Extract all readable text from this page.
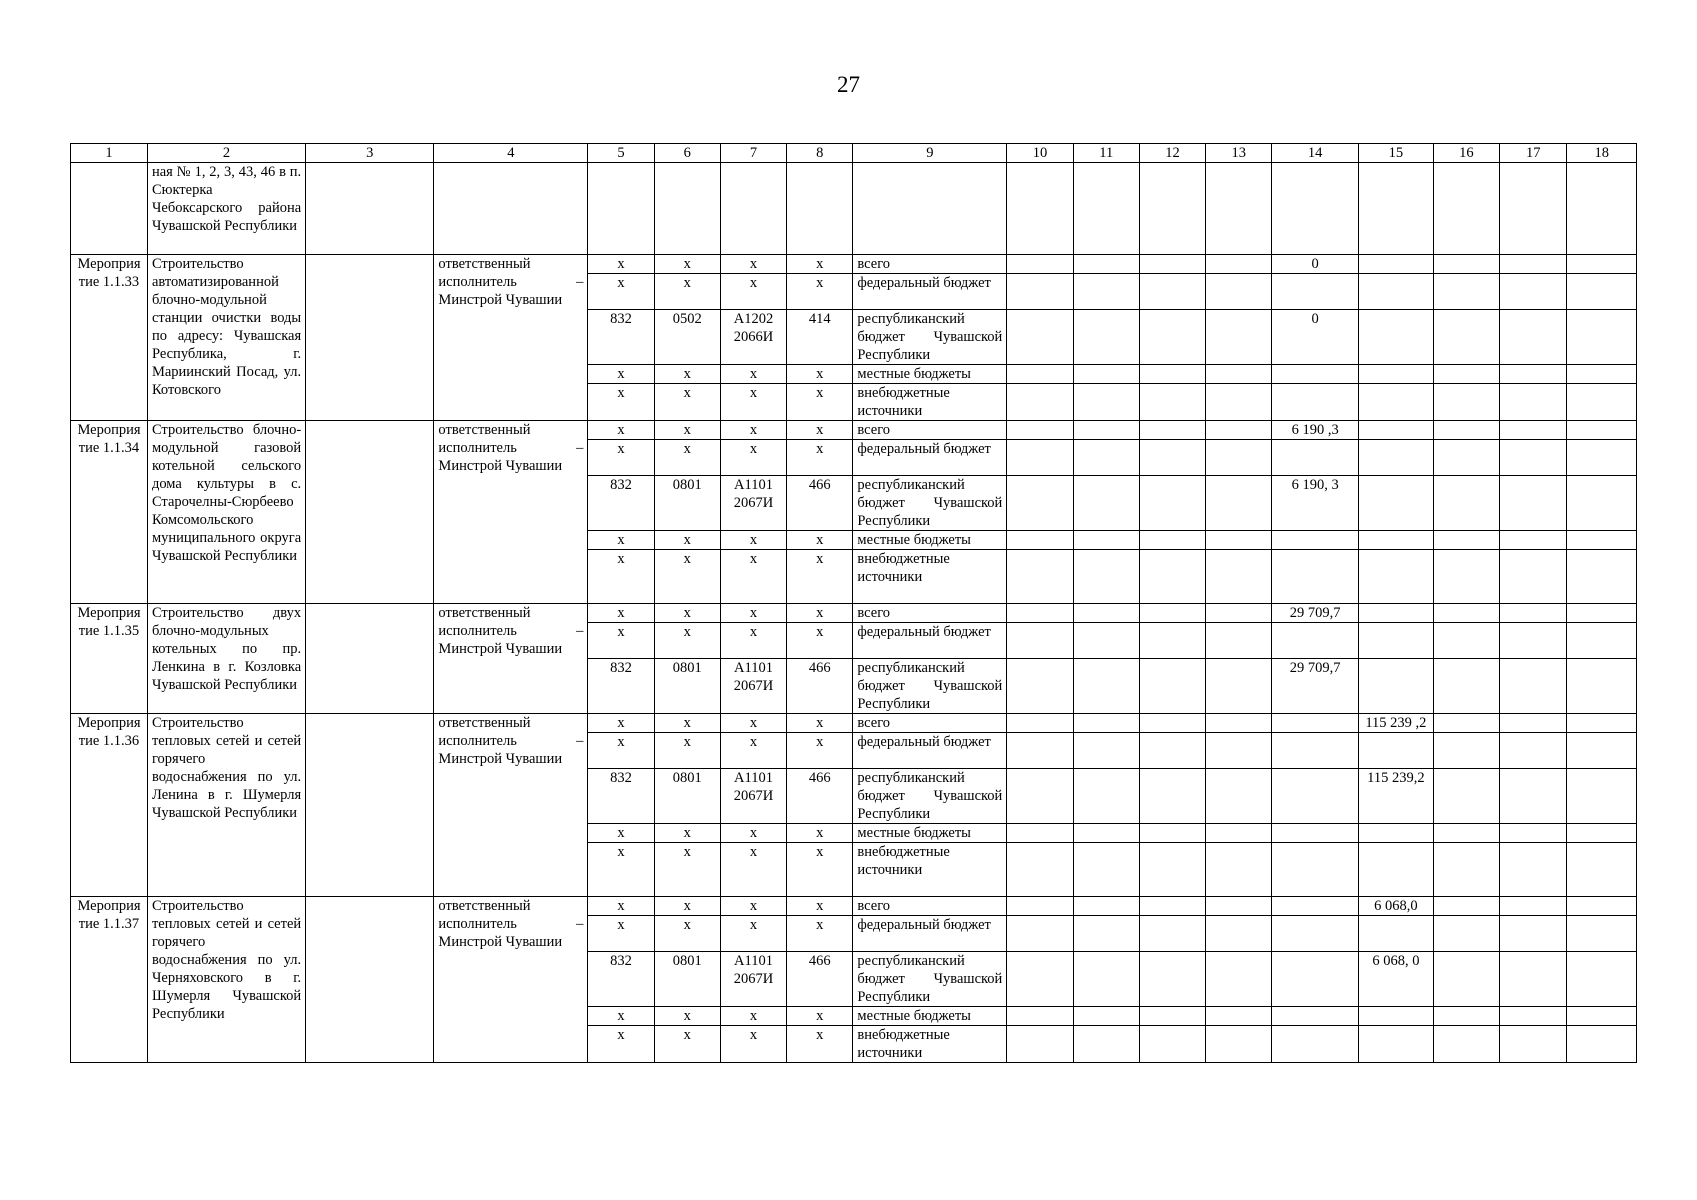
27
1	2	3	4	5	6	7	8	9	10	11	12	13	14	15	16	17	18
	ная № 1, 2, 3, 43, 46 в п. Сюктерка Чебоксарского района Чувашской Республики																
Мероприятие 1.1.33	Строительство автоматизированной блочно-модульной станции очистки воды по адресу: Чувашская Республика, г. Мариинский Посад, ул. Котовского		ответственный исполнитель – Минстрой Чувашии	х	х	х	х	всего					0				
				х	х	х	х	федеральный бюджет									
				832	0502	А1202 2066И	414	республиканский бюджет Чувашской Республики					0				
				х	х	х	х	местные бюджеты									
				х	х	х	х	внебюджетные источники									
Мероприятие 1.1.34	Строительство блочно-модульной газовой котельной сельского дома культуры в с. Старочелны-Сюрбеево Комсомольского муниципального округа Чувашской Республики		ответственный исполнитель – Минстрой Чувашии	х	х	х	х	всего					6 190 ,3				
				х	х	х	х	федеральный бюджет									
				832	0801	А1101 2067И	466	республиканский бюджет Чувашской Республики					6 190, 3				
				х	х	х	х	местные бюджеты									
				х	х	х	х	внебюджетные источники									
Мероприятие 1.1.35	Строительство двух блочно-модульных котельных по пр. Ленкина в г. Козловка Чувашской Республики		ответственный исполнитель – Минстрой Чувашии	х	х	х	х	всего					29 709,7				
				х	х	х	х	федеральный бюджет									
				832	0801	А1101 2067И	466	республиканский бюджет Чувашской Республики					29 709,7				
Мероприятие 1.1.36	Строительство тепловых сетей и сетей горячего водоснабжения по ул. Ленина в г. Шумерля Чувашской Республики		ответственный исполнитель – Минстрой Чувашии	х	х	х	х	всего						115 239 ,2			
				х	х	х	х	федеральный бюджет									
				832	0801	А1101 2067И	466	республиканский бюджет Чувашской Республики						115 239,2			
				х	х	х	х	местные бюджеты									
				х	х	х	х	внебюджетные источники									
Мероприятие 1.1.37	Строительство тепловых сетей и сетей горячего водоснабжения по ул. Черняховского в г. Шумерля Чувашской Республики		ответственный исполнитель – Минстрой Чувашии	х	х	х	х	всего						6 068,0			
				х	х	х	х	федеральный бюджет									
				832	0801	А1101 2067И	466	республиканский бюджет Чувашской Республики						6 068, 0			
				х	х	х	х	местные бюджеты									
				х	х	х	х	внебюджетные источники									
